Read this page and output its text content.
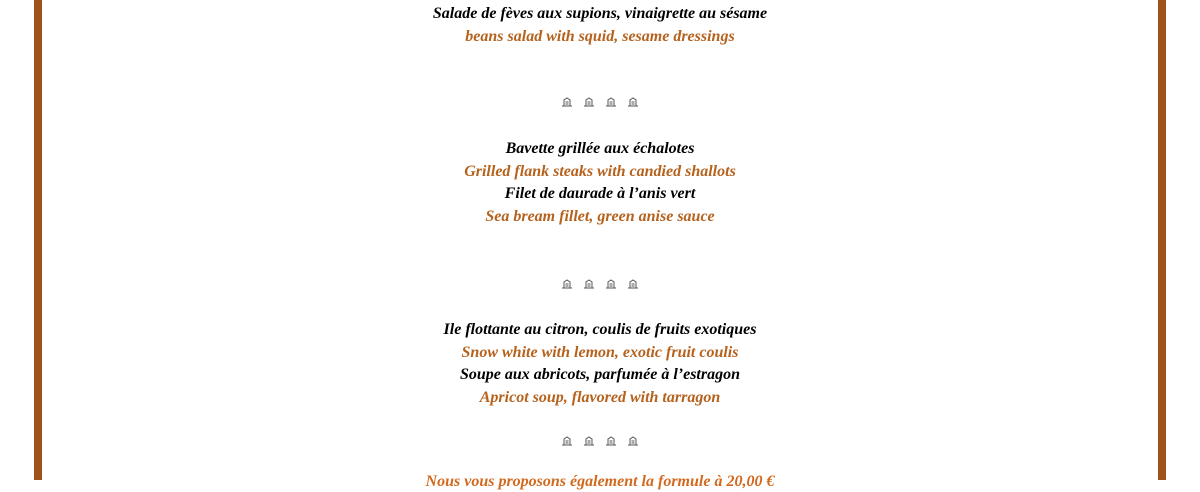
Salade de fèves aux supions, vinaigrette au sésame
beans salad with squid, sesame dressings
Bavette grillée aux échalotes
Grilled flank steaks with candied shallots
Filet de daurade à l’anis vert
Sea bream fillet, green anise sauce
Ile flottante au citron, coulis de fruits exotiques
Snow white with lemon, exotic fruit coulis
Soupe aux abricots, parfumée à l’estragon
Apricot soup, flavored with tarragon
Nous vous proposons également la formule à 20,00 €
